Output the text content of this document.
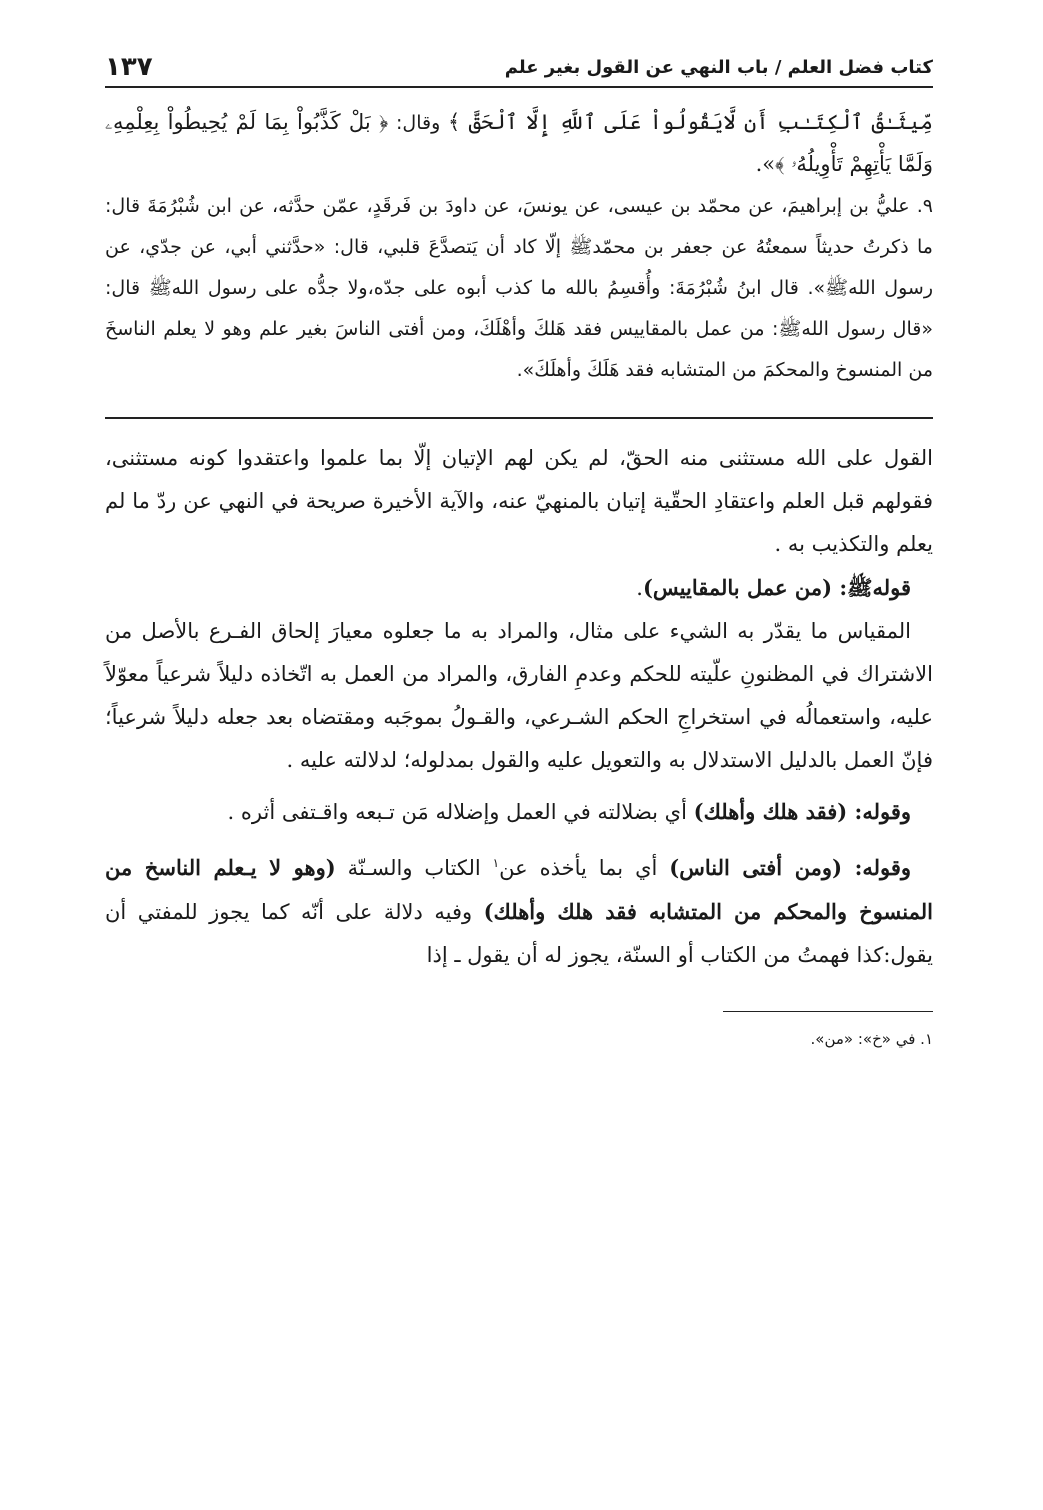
كتاب فضل العلم / باب النهي عن القول بغير علم
١٣٧

مِّيثَـٰقُ ٱلْكِتَـٰبِ أَن لَّايَقُولُواْ عَلَى ٱللَّهِ إِلَّا ٱلْحَقَّ ﴾ وقال: ﴿ بَلْ كَذَّبُواْ بِمَا لَمْ يُحِيطُواْ بِعِلْمِهِۦ وَلَمَّا يَأْتِهِمْ تَأْوِيلُهُۥ ﴾».

٩. عليُّ بن إبراهيمَ، عن محمّد بن عيسى، عن يونسَ، عن داودَ بن فَرقَدٍ، عمّن حدَّثه، عن ابن شُبْرُمَةَ قال: ما ذكرتُ حديثاً سمعتُهُ عن جعفر بن محمّدﷺ إلّا كاد أن يَتصدَّعَ قلبي، قال: «حدَّثني أبي، عن جدّي، عن رسول اللهﷺ». قال ابنُ شُبْرُمَةَ: وأُقسِمُ بالله ما كذب أبوه على جدّه،ولا جدُّه على رسول اللهﷺ قال: «قال رسول اللهﷺ: من عمل بالمقاييس فقد هَلكَ وأهْلَكَ، ومن أفتى الناسَ بغير علم وهو لا يعلم الناسخَ من المنسوخ والمحكمَ من المتشابه فقد هَلَكَ وأهلَكَ».

القول على الله مستثنى منه الحقّ، لم يكن لهم الإتيان إلّا بما علموا واعتقدوا كونه مستثنى، فقولهم قبل العلم واعتقادِ الحقّية إتيان بالمنهيّ عنه، والآية الأخيرة صريحة في النهي عن ردّ ما لم يعلم والتكذيب به .

قولهﷺ: (من عمل بالمقاييس).

المقياس ما يقدّر به الشيء على مثال، والمراد به ما جعلوه معيارَ إلحاق الفـرع بالأصل من الاشتراك في المظنونِ علّيته للحكم وعدمِ الفارق، والمراد من العمل به اتّخاذه دليلاً شرعياً معوّلاً عليه، واستعمالُه في استخراجِ الحكم الشـرعي، والقـولُ بموجَبه ومقتضاه بعد جعله دليلاً شرعياً؛ فإنّ العمل بالدليل الاستدلال به والتعويل عليه والقول بمدلوله؛ لدلالته عليه .

وقوله: (فقد هلك وأهلك) أي بضلالته في العمل وإضلاله مَن تـبعه واقـتفى أثره .

وقوله: (ومن أفتى الناس) أي بما يأخذه عن$^١$ الكتاب والسـنّة (وهو لا يـعلم الناسخ من المنسوخ والمحكم من المتشابه فقد هلك وأهلك) وفيه دلالة على أنّه كما يجوز للمفتي أن يقول:كذا فهمتُ من الكتاب أو السنّة، يجوز له أن يقول ـ إذا

١. في «خ»: «من».
